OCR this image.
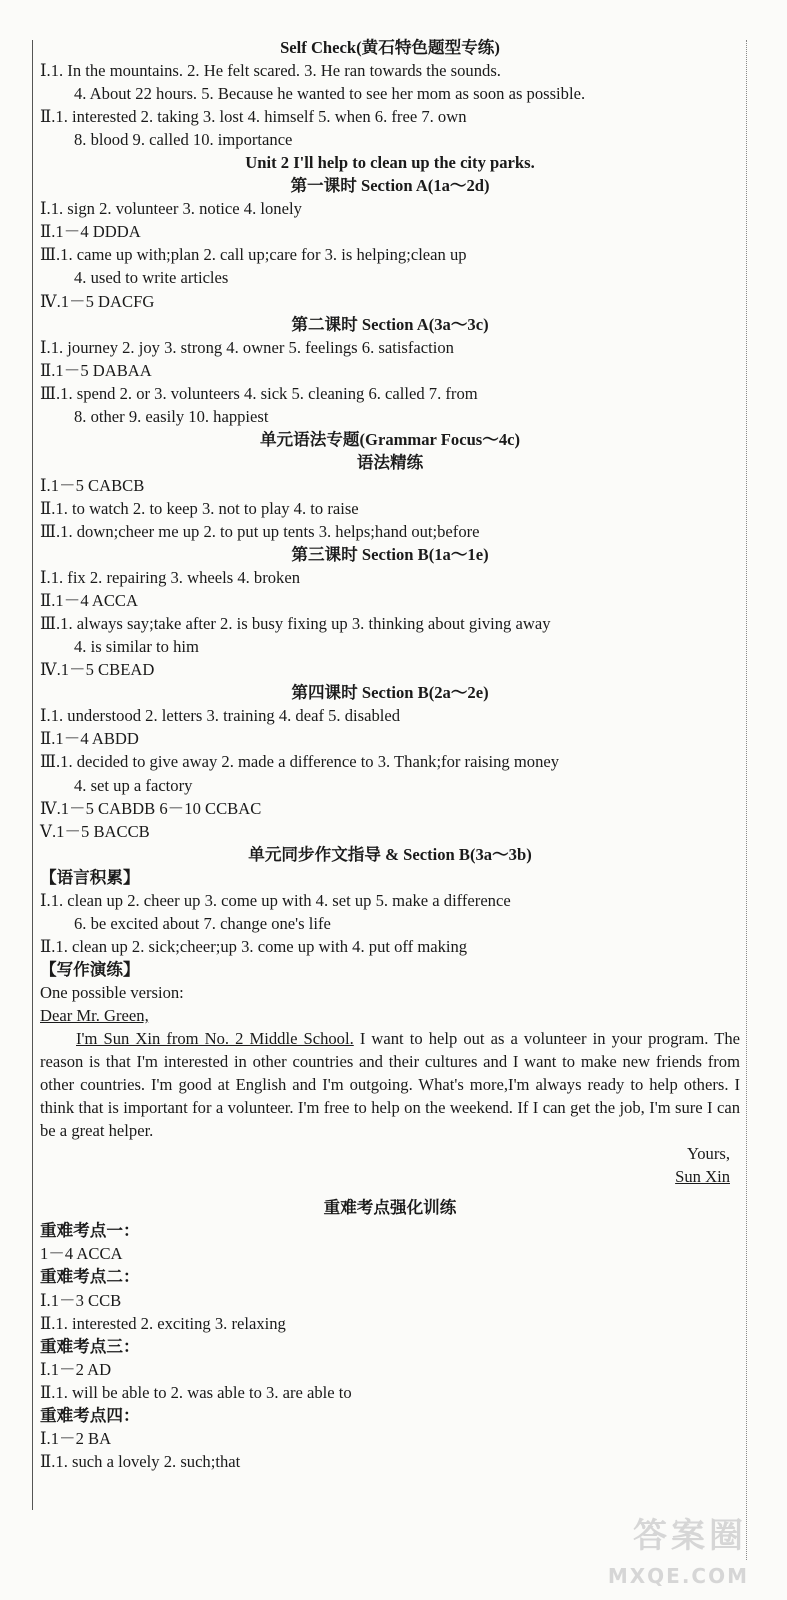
Self Check(黄石特色题型专练)
Ⅰ.1. In the mountains. 2. He felt scared. 3. He ran towards the sounds.
4. About 22 hours. 5. Because he wanted to see her mom as soon as possible.
Ⅱ.1. interested 2. taking 3. lost 4. himself 5. when 6. free 7. own
8. blood 9. called 10. importance
Unit 2 I'll help to clean up the city parks.
第一课时 Section A(1a～2d)
Ⅰ.1. sign 2. volunteer 3. notice 4. lonely
Ⅱ.1－4 DDDA
Ⅲ.1. came up with;plan 2. call up;care for 3. is helping;clean up
4. used to write articles
Ⅳ.1－5 DACFG
第二课时 Section A(3a～3c)
Ⅰ.1. journey 2. joy 3. strong 4. owner 5. feelings 6. satisfaction
Ⅱ.1－5 DABAA
Ⅲ.1. spend 2. or 3. volunteers 4. sick 5. cleaning 6. called 7. from
8. other 9. easily 10. happiest
单元语法专题(Grammar Focus～4c)
语法精练
Ⅰ.1－5 CABCB
Ⅱ.1. to watch 2. to keep 3. not to play 4. to raise
Ⅲ.1. down;cheer me up 2. to put up tents 3. helps;hand out;before
第三课时 Section B(1a～1e)
Ⅰ.1. fix 2. repairing 3. wheels 4. broken
Ⅱ.1－4 ACCA
Ⅲ.1. always say;take after 2. is busy fixing up 3. thinking about giving away
4. is similar to him
Ⅳ.1－5 CBEAD
第四课时 Section B(2a～2e)
Ⅰ.1. understood 2. letters 3. training 4. deaf 5. disabled
Ⅱ.1－4 ABDD
Ⅲ.1. decided to give away 2. made a difference to 3. Thank;for raising money
4. set up a factory
Ⅳ.1－5 CABDB 6－10 CCBAC
Ⅴ.1－5 BACCB
单元同步作文指导 & Section B(3a～3b)
【语言积累】
Ⅰ.1. clean up 2. cheer up 3. come up with 4. set up 5. make a difference
6. be excited about 7. change one's life
Ⅱ.1. clean up 2. sick;cheer;up 3. come up with 4. put off making
【写作演练】
One possible version:
Dear Mr. Green,
I'm Sun Xin from No. 2 Middle School. I want to help out as a volunteer in your program. The reason is that I'm interested in other countries and their cultures and I want to make new friends from other countries. I'm good at English and I'm outgoing. What's more,I'm always ready to help others. I think that is important for a volunteer. I'm free to help on the weekend. If I can get the job, I'm sure I can be a great helper.
Yours,
Sun Xin
重难考点强化训练
重难考点一：
1－4 ACCA
重难考点二：
Ⅰ.1－3 CCB
Ⅱ.1. interested 2. exciting 3. relaxing
重难考点三：
Ⅰ.1－2 AD
Ⅱ.1. will be able to 2. was able to 3. are able to
重难考点四：
Ⅰ.1－2 BA
Ⅱ.1. such a lovely 2. such;that
答案圈
MXQE.COM
